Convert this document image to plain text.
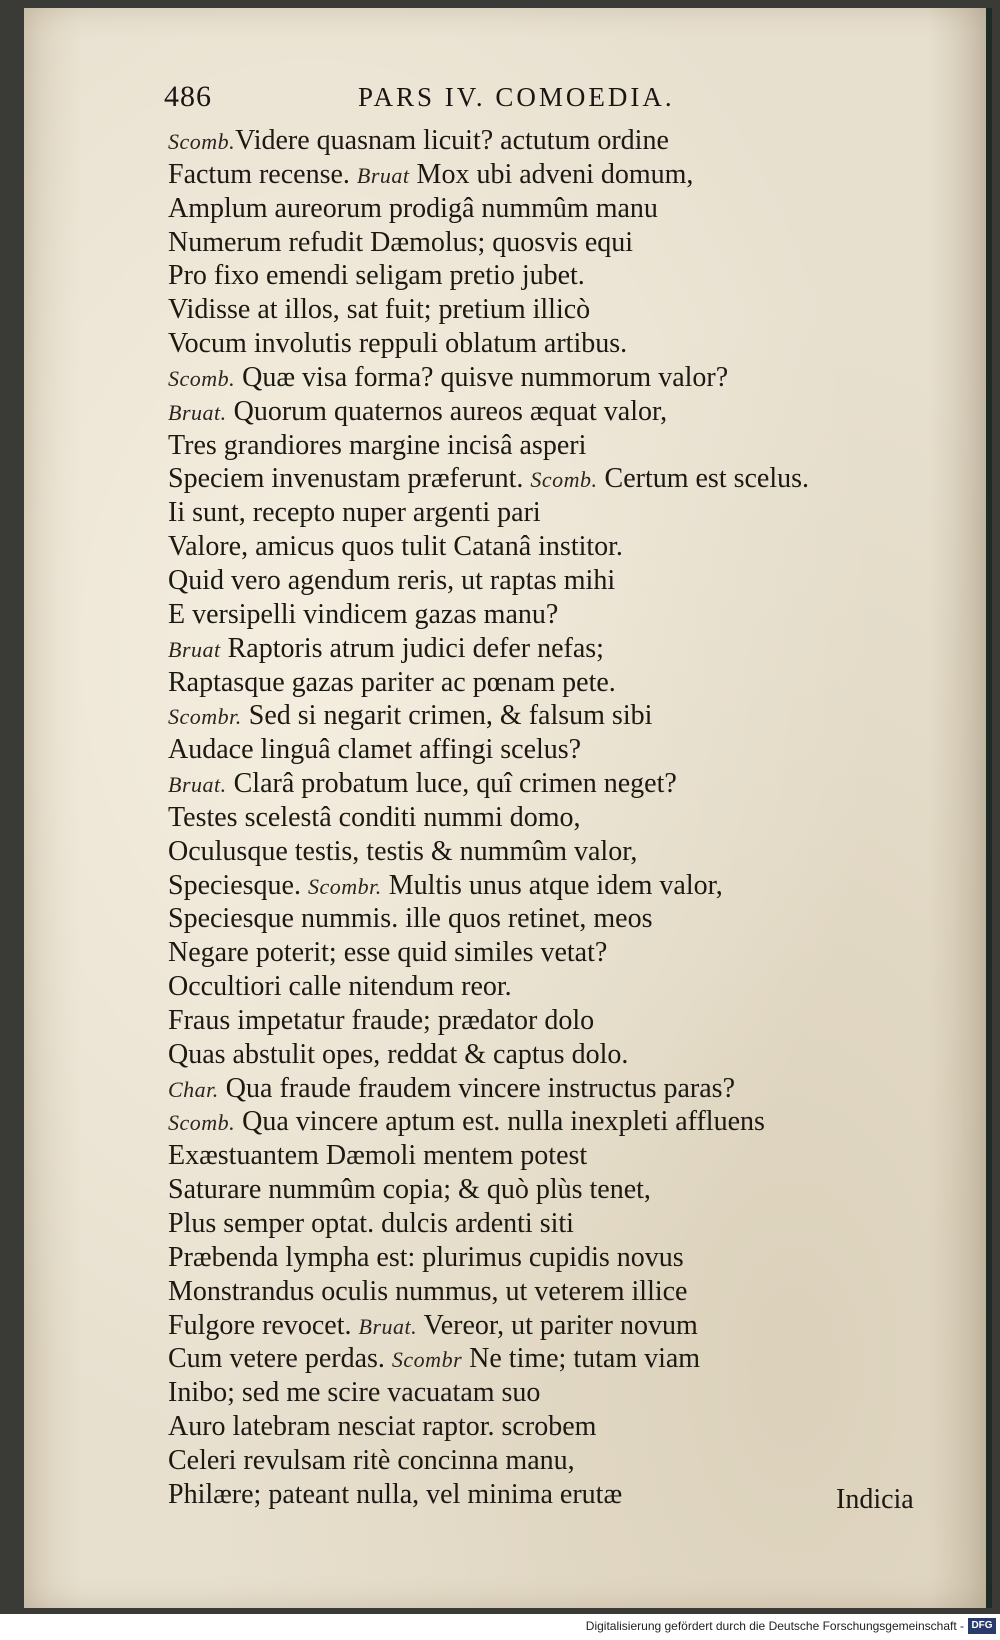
486	PARS IV. COMOEDIA.
Scomb.Videre quasnam licuit? actutum ordine
Factum recense. Bruat Mox ubi adveni domum,
Amplum aureorum prodigâ nummûm manu
Numerum refudit Dæmolus; quosvis equi
Pro fixo emendi seligam pretio jubet.
Vidisse at illos, sat fuit; pretium illicò
Vocum involutis reppuli oblatum artibus.
Scomb. Quæ visa forma? quisve nummorum valor?
Bruat. Quorum quaternos aureos æquat valor,
Tres grandiores margine incisâ asperi
Speciem invenustam præferunt. Scomb. Certum est scelus.
Ii sunt, recepto nuper argenti pari
Valore, amicus quos tulit Catanâ institor.
Quid vero agendum reris, ut raptas mihi
E versipelli vindicem gazas manu?
Bruat Raptoris atrum judici defer nefas;
Raptasque gazas pariter ac pœnam pete.
Scombr. Sed si negarit crimen, & falsum sibi
Audace linguâ clamet affingi scelus?
Bruat. Clarâ probatum luce, quî crimen neget?
Testes scelestâ conditi nummi domo,
Oculusque testis, testis & nummûm valor,
Speciesque. Scombr. Multis unus atque idem valor,
Speciesque nummis. ille quos retinet, meos
Negare poterit; esse quid similes vetat?
Occultiori calle nitendum reor.
Fraus impetatur fraude; prædator dolo
Quas abstulit opes, reddat & captus dolo.
Char. Qua fraude fraudem vincere instructus paras?
Scomb. Qua vincere aptum est. nulla inexpleti affluens
Exæstuantem Dæmoli mentem potest
Saturare nummûm copia; & quò plùs tenet,
Plus semper optat. dulcis ardenti siti
Præbenda lympha est: plurimus cupidis novus
Monstrandus oculis nummus, ut veterem illice
Fulgore revocet. Bruat. Vereor, ut pariter novum
Cum vetere perdas. Scombr Ne time; tutam viam
Inibo; sed me scire vacuatam suo
Auro latebram nesciat raptor. scrobem
Celeri revulsam ritè concinna manu,
Philære; pateant nulla, vel minima erutæ	Indicia
Digitalisierung gefördert durch die Deutsche Forschungsgemeinschaft - DFG
